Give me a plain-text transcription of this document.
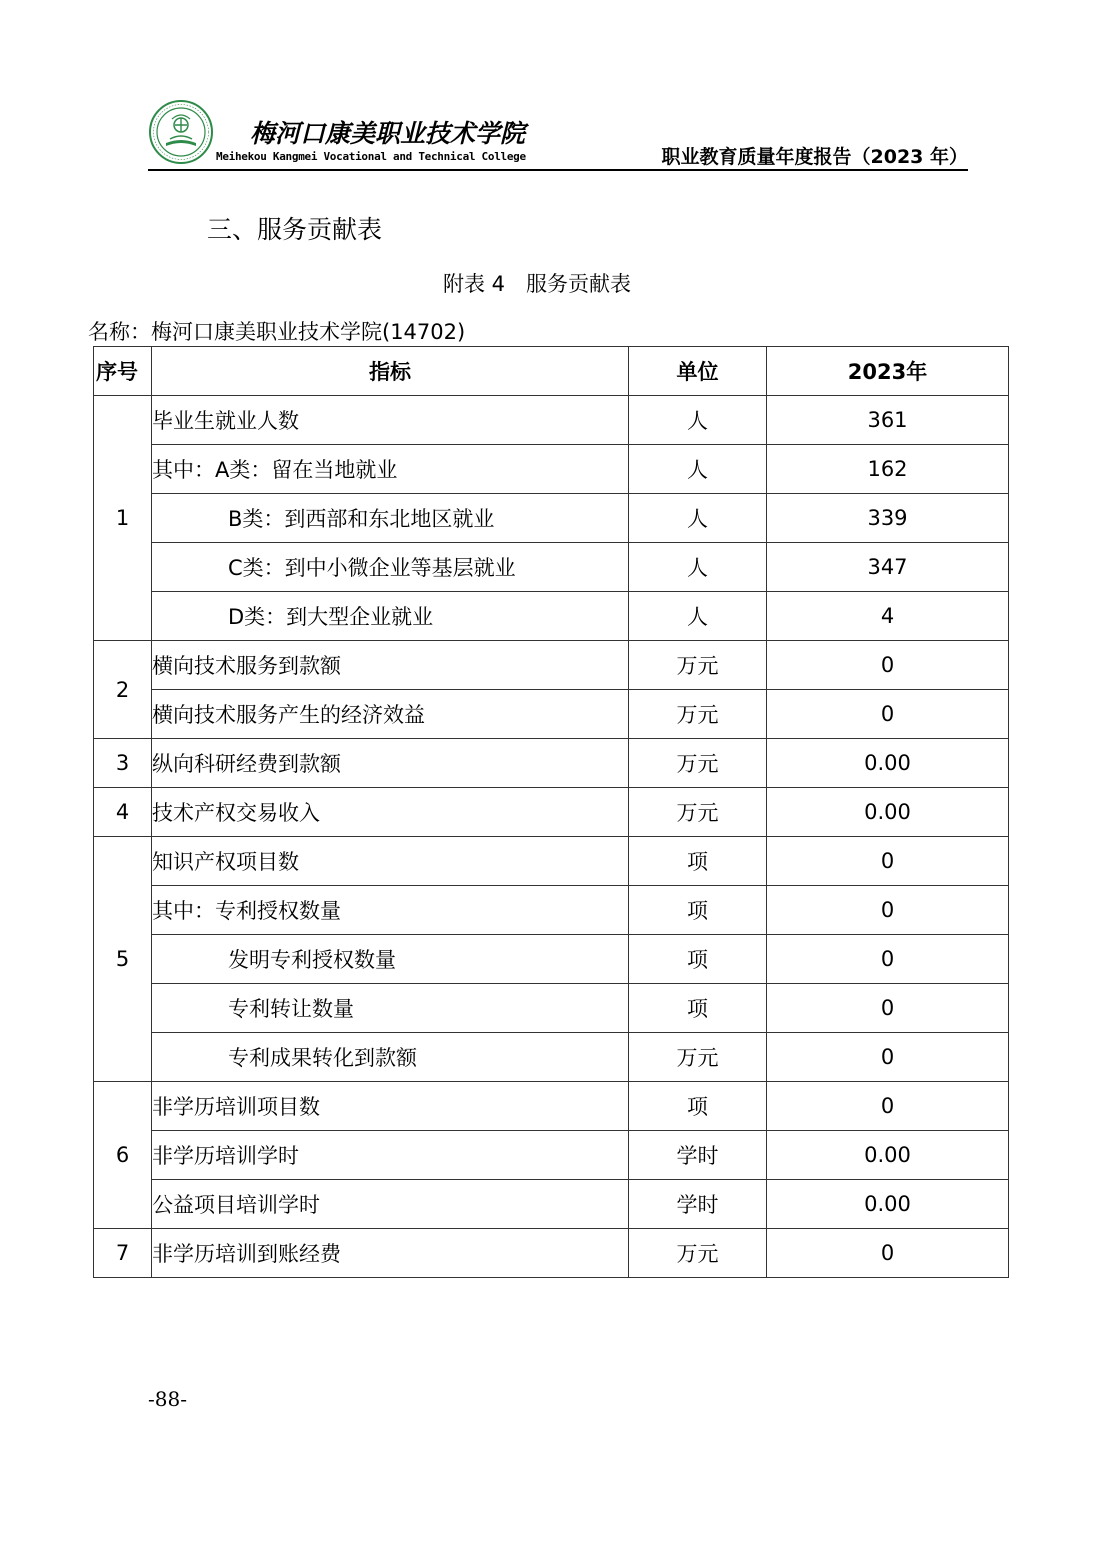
梅河口康美职业技术学院
Meihekou Kangmei Vocational and Technical College	职业教育质量年度报告（2023 年）
三、服务贡献表
附表 4　服务贡献表
名称：梅河口康美职业技术学院(14702)
序号	指标	单位	2023年
1	毕业生就业人数	人	361
	其中：A类：留在当地就业	人	162
	B类：到西部和东北地区就业	人	339
	C类：到中小微企业等基层就业	人	347
	D类：到大型企业就业	人	4
2	横向技术服务到款额	万元	0
	横向技术服务产生的经济效益	万元	0
3	纵向科研经费到款额	万元	0.00
4	技术产权交易收入	万元	0.00
5	知识产权项目数	项	0
	其中：专利授权数量	项	0
	发明专利授权数量	项	0
	专利转让数量	项	0
	专利成果转化到款额	万元	0
6	非学历培训项目数	项	0
	非学历培训学时	学时	0.00
	公益项目培训学时	学时	0.00
7	非学历培训到账经费	万元	0
-88-
